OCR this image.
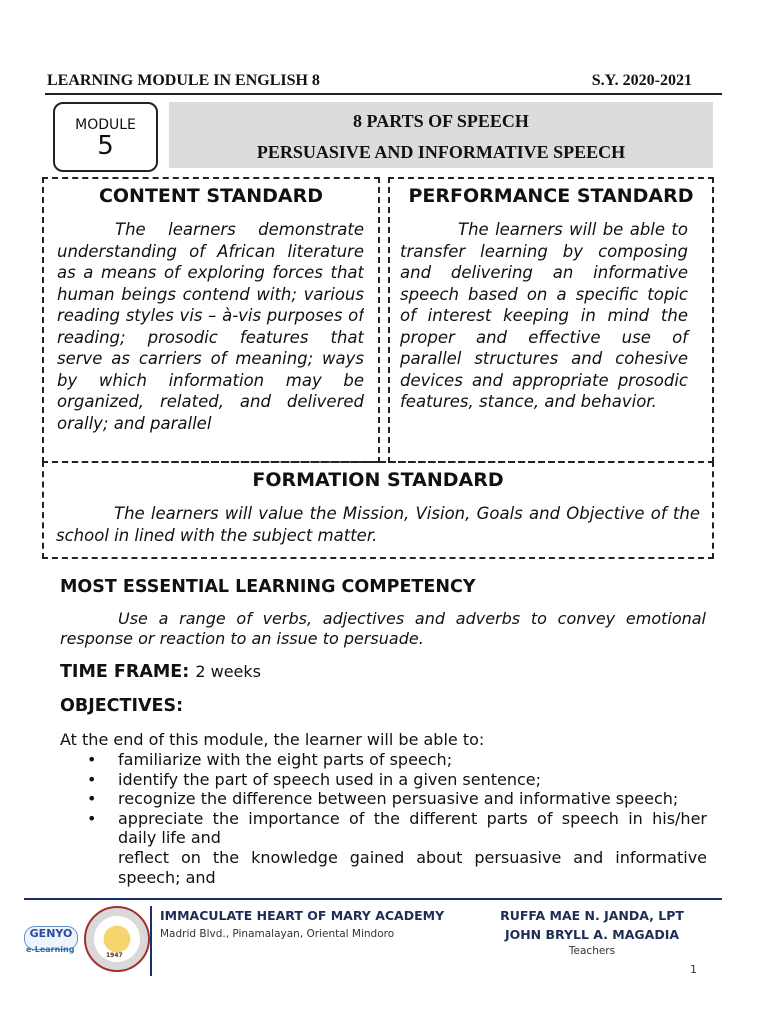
LEARNING MODULE IN ENGLISH 8	S.Y. 2020-2021
MODULE
5
8 PARTS OF SPEECH
PERSUASIVE AND INFORMATIVE SPEECH
CONTENT STANDARD
The learners demonstrate understanding of African literature as a means of exploring forces that human beings contend with; various reading styles vis – à-vis purposes of reading; prosodic features that serve as carriers of meaning; ways by which information may be organized, related, and delivered orally; and parallel
PERFORMANCE STANDARD
The learners will be able to transfer learning by composing and delivering an informative speech based on a specific topic of interest keeping in mind the proper and effective use of parallel structures and cohesive devices and appropriate prosodic features, stance, and behavior.
FORMATION STANDARD
The learners will value the Mission, Vision, Goals and Objective of the school in lined with the subject matter.
MOST ESSENTIAL LEARNING COMPETENCY
Use a range of verbs, adjectives and adverbs to convey emotional response or reaction to an issue to persuade.
TIME FRAME: 2 weeks
OBJECTIVES:
At the end of this module, the learner will be able to:
• familiarize with the eight parts of speech;
• identify the part of speech used in a given sentence;
• recognize the difference between persuasive and informative speech;
• appreciate the importance of the different parts of speech in his/her daily life and
reflect on the knowledge gained about persuasive and informative speech; and
GENYO
e-Learning
1947
IMMACULATE HEART OF MARY ACADEMY
Madrid Blvd., Pinamalayan, Oriental Mindoro
RUFFA MAE N. JANDA, LPT
JOHN BRYLL A. MAGADIA
Teachers
1
